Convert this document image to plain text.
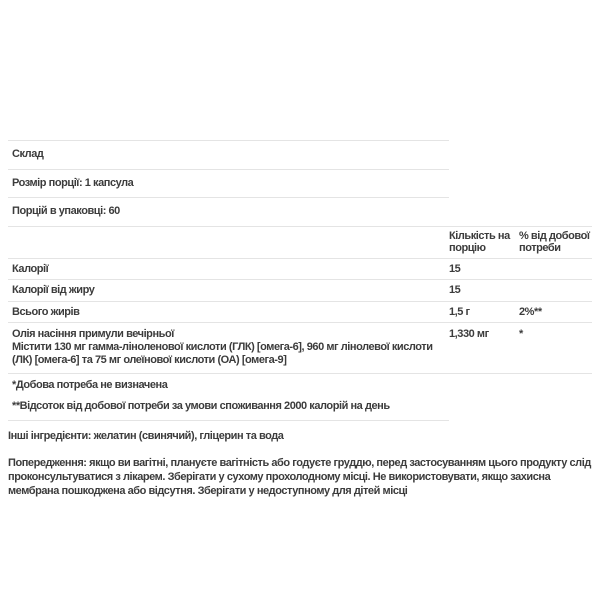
Склад		
Розмір порції: 1 капсула		
Порцій в упаковці: 60		
	Кількість на порцію	% від добової потреби
Калорії	15	
Калорії від жиру	15	
Всього жирів	1,5 г	2%**

Олія насіння примули вечірньої
Містити 130 мг гамма-ліноленової кислоти (ГЛК) [омега-6], 960 мг лінолевої кислоти (ЛК) [омега-6] та 75 мг олеїнової кислоти (ОА) [омега-9]	1,330 мг	*
*Добова потреба не визначена		
**Відсоток від добової потреби за умови споживання 2000 калорій на день		

Інші інгредієнти: желатин (свинячий), гліцерин та вода

Попередження: якщо ви вагітні, плануєте вагітність або годуєте груддю, перед застосуванням цього продукту слід проконсультуватися з лікарем. Зберігати у сухому прохолодному місці. Не використовувати, якщо захисна мембрана пошкоджена або відсутня. Зберігати у недоступному для дітей місці
